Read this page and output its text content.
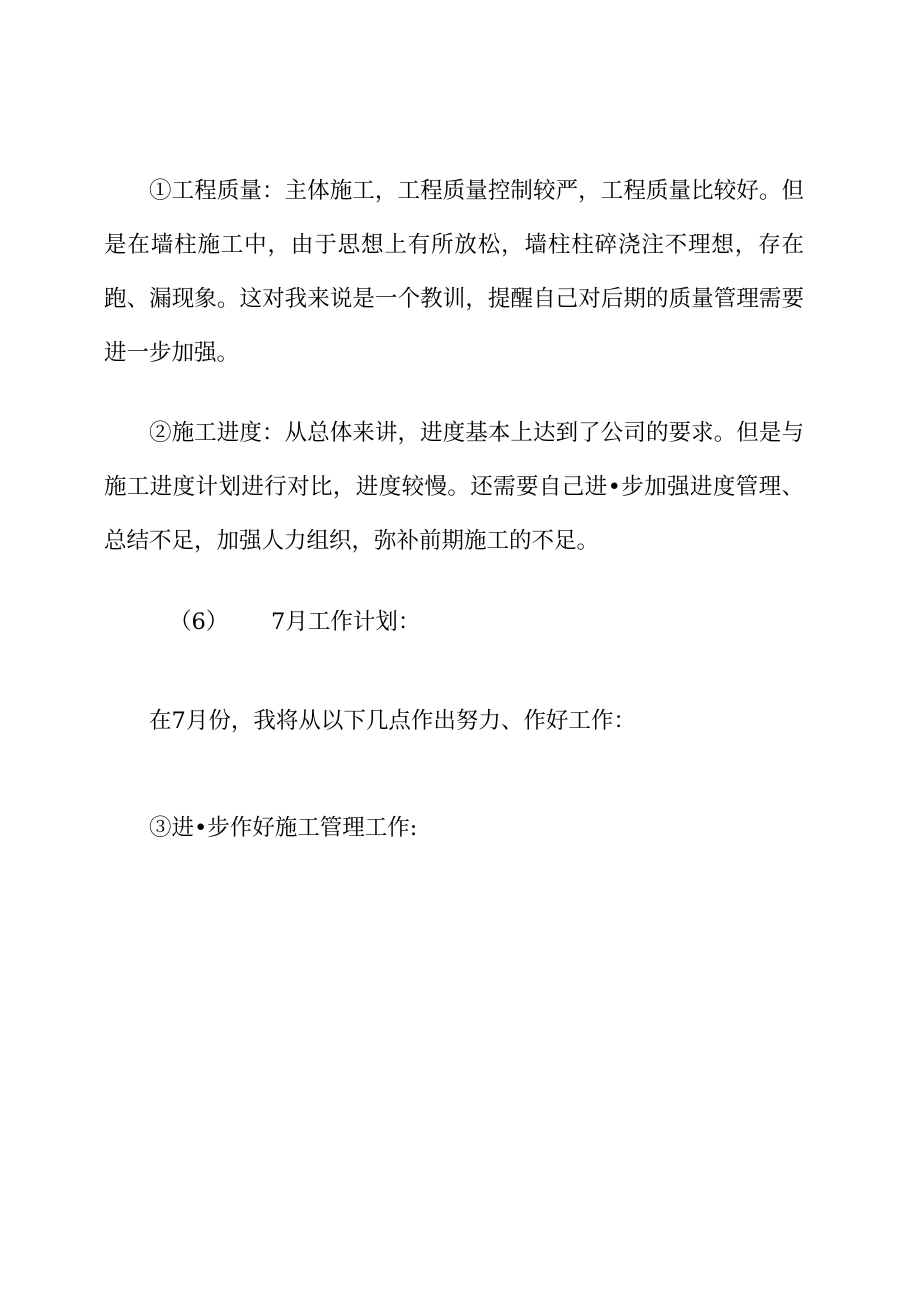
①工程质量：主体施工，工程质量控制较严，工程质量比较好。但是在墙柱施工中，由于思想上有所放松，墙柱柱碎浇注不理想，存在跑、漏现象。这对我来说是一个教训，提醒自己对后期的质量管理需要进一步加强。

②施工进度：从总体来讲，进度基本上达到了公司的要求。但是与施工进度计划进行对比，进度较慢。还需要自己进•步加强进度管理、总结不足，加强人力组织，弥补前期施工的不足。

（6） 7月工作计划：

在7月份，我将从以下几点作出努力、作好工作：

③进•步作好施工管理工作:
